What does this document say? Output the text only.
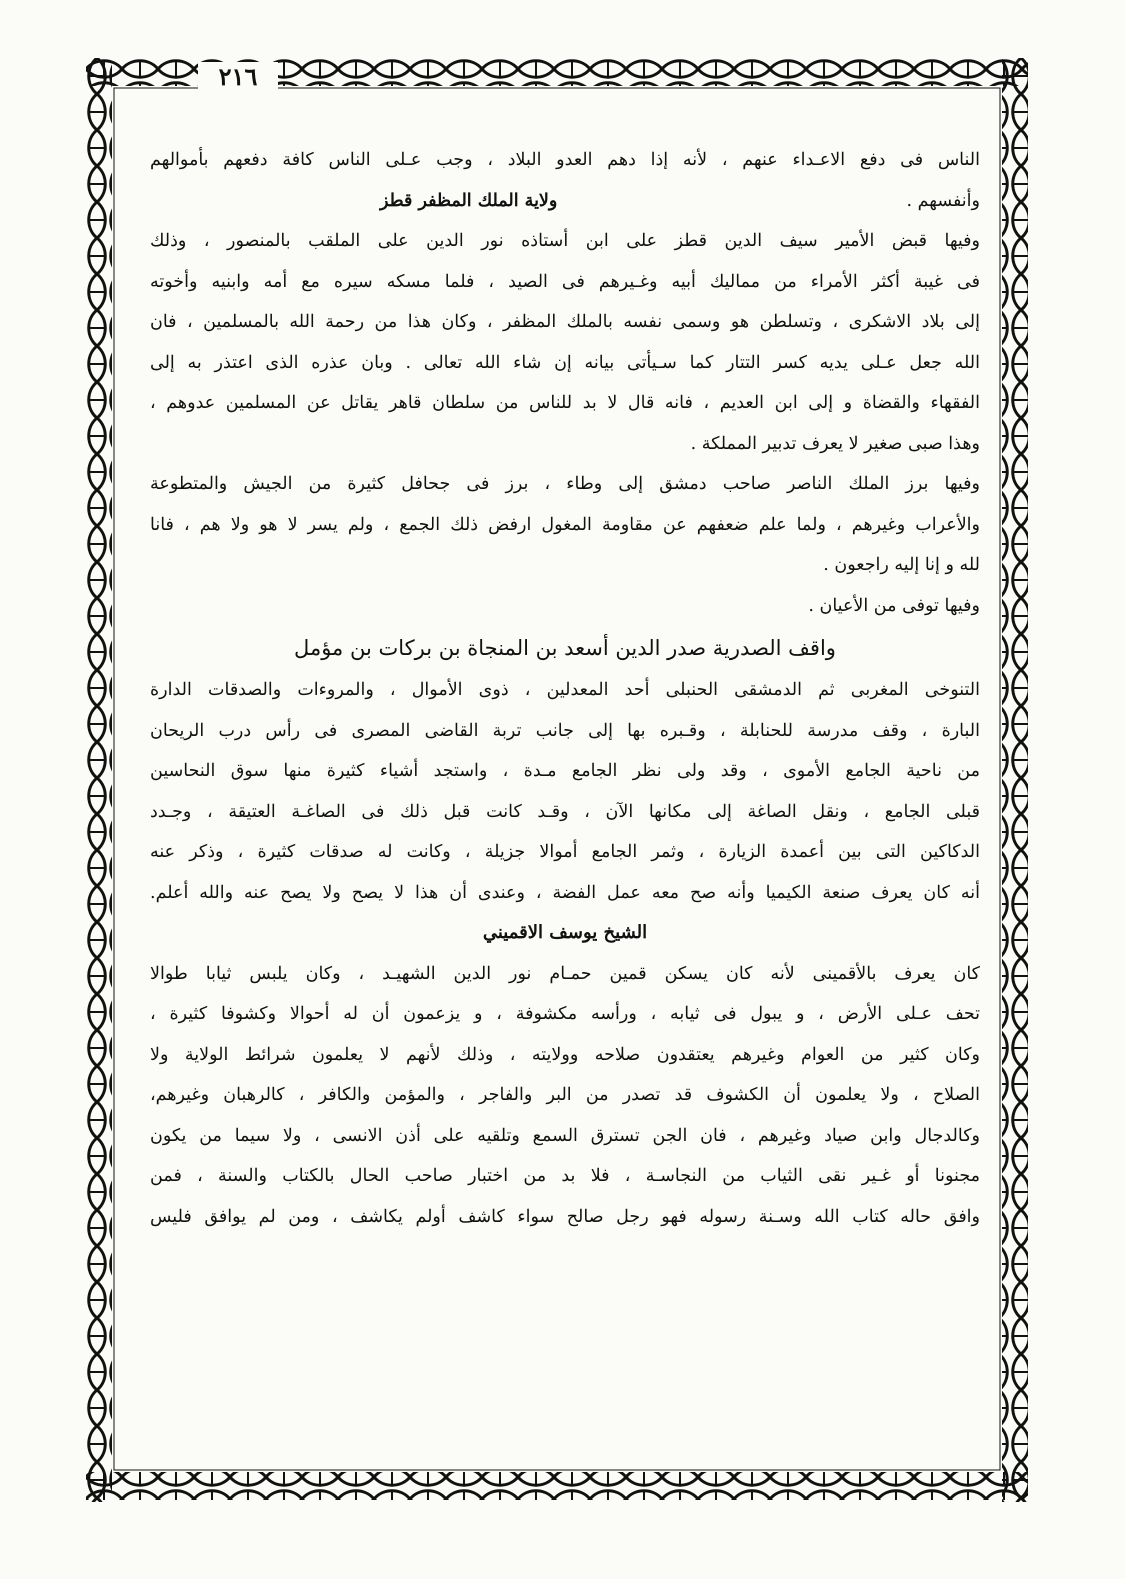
٢١٦
الناس فى دفع الاعـداء عنهم ، لأنه إذا دهم العدو البلاد ، وجب عـلى الناس كافة دفعهم بأموالهم
وأنفسهم .
ولاية الملك المظفر قطز
وفيها قبض الأمير سيف الدين قطز على ابن أستاذه نور الدين على الملقب بالمنصور ، وذلك
فى غيبة أكثر الأمراء من مماليك أبيه وغـيرهم فى الصيد ، فلما مسكه سيره مع أمه وابنيه وأخوته
إلى بلاد الاشكرى ، وتسلطن هو وسمى نفسه بالملك المظفر ، وكان هذا من رحمة الله بالمسلمين ، فان
الله جعل عـلى يديه كسر التتار كما سـيأتى بيانه إن شاء الله تعالى . وبان عذره الذى اعتذر به إلى
الفقهاء والقضاة و إلى ابن العديم ، فانه قال لا بد للناس من سلطان قاهر يقاتل عن المسلمين عدوهم ،
وهذا صبى صغير لا يعرف تدبير المملكة .
وفيها برز الملك الناصر صاحب دمشق إلى وطاء ، برز فى جحافل كثيرة من الجيش والمتطوعة
والأعراب وغيرهم ، ولما علم ضعفهم عن مقاومة المغول ارفض ذلك الجمع ، ولم يسر لا هو ولا هم ، فانا
لله و إنا إليه راجعون .
وفيها توفى من الأعيان .
واقف الصدرية صدر الدين أسعد بن المنجاة بن بركات بن مؤمل
التنوخى المغربى ثم الدمشقى الحنبلى أحد المعدلين ، ذوى الأموال ، والمروءات والصدقات الدارة
البارة ، وقف مدرسة للحنابلة ، وقـبره بها إلى جانب تربة القاضى المصرى فى رأس درب الريحان
من ناحية الجامع الأموى ، وقد ولى نظر الجامع مـدة ، واستجد أشياء كثيرة منها سوق النحاسين
قبلى الجامع ، ونقل الصاغة إلى مكانها الآن ، وقـد كانت قبل ذلك فى الصاغـة العتيقة ، وجـدد
الدكاكين التى بين أعمدة الزيارة ، وثمر الجامع أموالا جزيلة ، وكانت له صدقات كثيرة ، وذكر عنه
أنه كان يعرف صنعة الكيميا وأنه صح معه عمل الفضة ، وعندى أن هذا لا يصح ولا يصح عنه والله أعلم.
الشيخ يوسف الاقميني
كان يعرف بالأقمينى لأنه كان يسكن قمين حمـام نور الدين الشهيـد ، وكان يلبس ثيابا طوالا
تحف عـلى الأرض ، و يبول فى ثيابه ، ورأسه مكشوفة ، و يزعمون أن له أحوالا وكشوفا كثيرة ،
وكان كثير من العوام وغيرهم يعتقدون صلاحه وولايته ، وذلك لأنهم لا يعلمون شرائط الولاية ولا
الصلاح ، ولا يعلمون أن الكشوف قد تصدر من البر والفاجر ، والمؤمن والكافر ، كالرهبان وغيرهم،
وكالدجال وابن صياد وغيرهم ، فان الجن تسترق السمع وتلقيه على أذن الانسى ، ولا سيما من يكون
مجنونا أو غـير نقى الثياب من النجاسـة ، فلا بد من اختبار صاحب الحال بالكتاب والسنة ، فمن
وافق حاله كتاب الله وسـنة رسوله فهو رجل صالح سواء كاشف أولم يكاشف ، ومن لم يوافق فليس
